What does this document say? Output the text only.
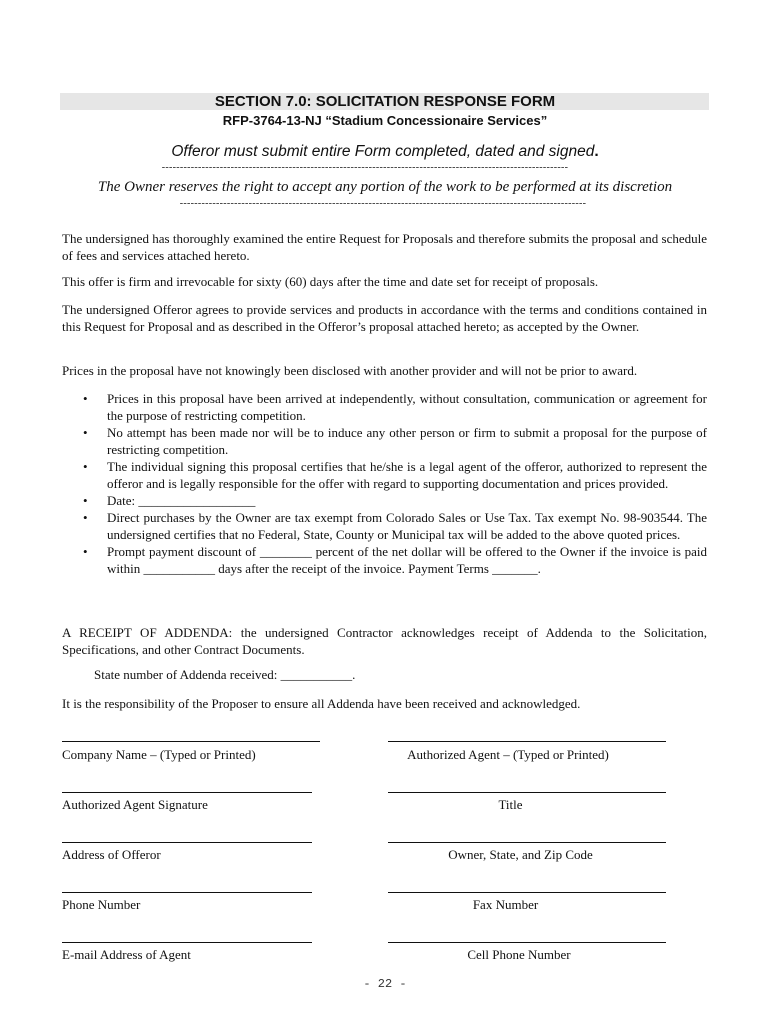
SECTION 7.0: SOLICITATION RESPONSE FORM
RFP-3764-13-NJ “Stadium Concessionaire Services”
Offeror must submit entire Form completed, dated and signed.
----------------------------------------------------------------------------------------------------------------
The Owner reserves the right to accept any portion of the work to be performed at its discretion
----------------------------------------------------------------------------------------------------------------

The undersigned has thoroughly examined the entire Request for Proposals and therefore submits the proposal and schedule of fees and services attached hereto.

This offer is firm and irrevocable for sixty (60) days after the time and date set for receipt of proposals.

The undersigned Offeror agrees to provide services and products in accordance with the terms and conditions contained in this Request for Proposal and as described in the Offeror’s proposal attached hereto; as accepted by the Owner.

Prices in the proposal have not knowingly been disclosed with another provider and will not be prior to award.

• Prices in this proposal have been arrived at independently, without consultation, communication or agreement for the purpose of restricting competition.
• No attempt has been made nor will be to induce any other person or firm to submit a proposal for the purpose of restricting competition.
• The individual signing this proposal certifies that he/she is a legal agent of the offeror, authorized to represent the offeror and is legally responsible for the offer with regard to supporting documentation and prices provided.
• Date: __________________
• Direct purchases by the Owner are tax exempt from Colorado Sales or Use Tax. Tax exempt No. 98-903544. The undersigned certifies that no Federal, State, County or Municipal tax will be added to the above quoted prices.
• Prompt payment discount of ________ percent of the net dollar will be offered to the Owner if the invoice is paid within ___________ days after the receipt of the invoice. Payment Terms _______.

A RECEIPT OF ADDENDA: the undersigned Contractor acknowledges receipt of Addenda to the Solicitation, Specifications, and other Contract Documents.

State number of Addenda received: ___________.

It is the responsibility of the Proposer to ensure all Addenda have been received and acknowledged.

Company Name – (Typed or Printed)
Authorized Agent Signature
Address of Offeror
Phone Number
E-mail Address of Agent
Authorized Agent – (Typed or Printed)
Title
Owner, State, and Zip Code
Fax Number
Cell Phone Number
- 22 -
